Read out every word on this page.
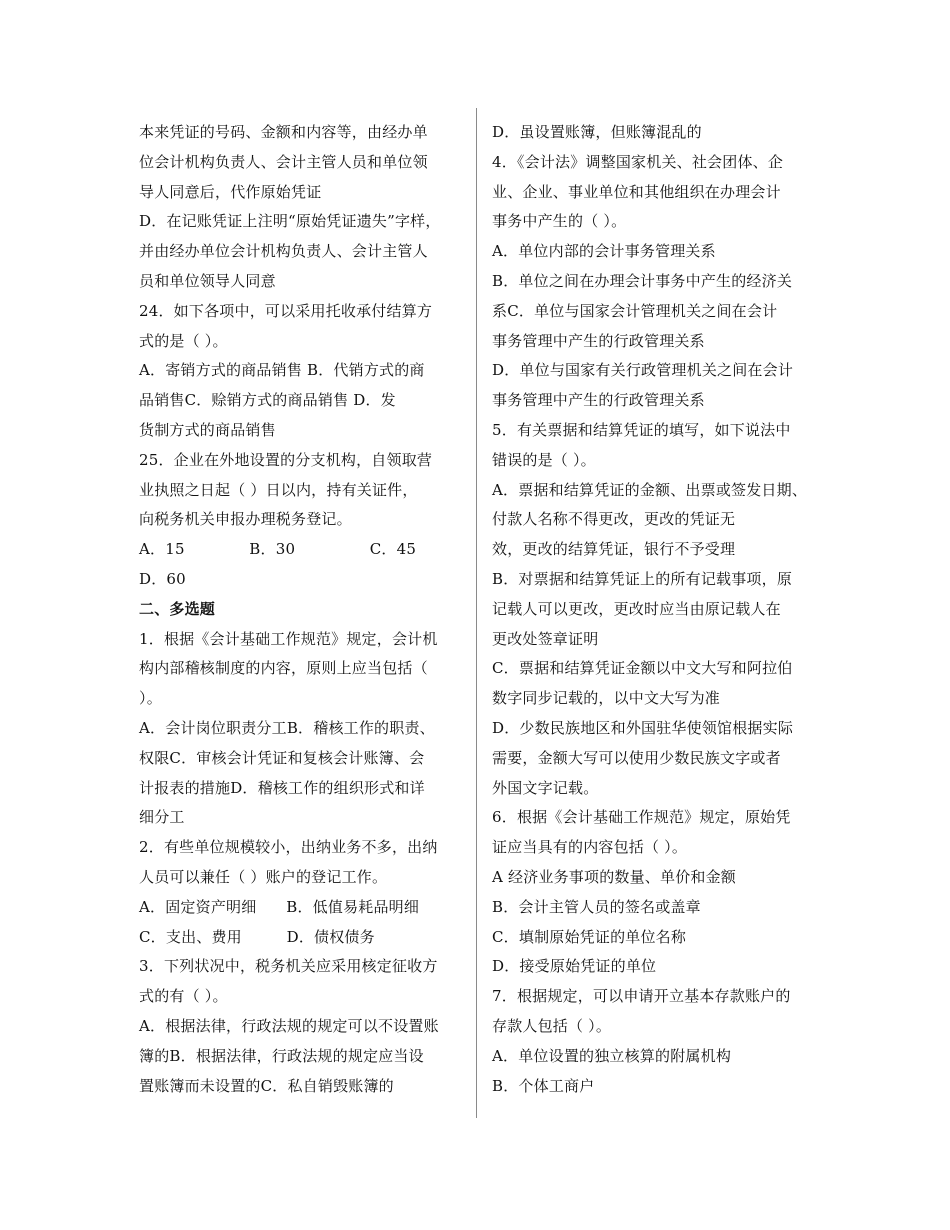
本来凭证的号码、金额和内容等，由经办单
位会计机构负责人、会计主管人员和单位领
导人同意后，代作原始凭证
D．在记账凭证上注明“原始凭证遗失”字样，
并由经办单位会计机构负责人、会计主管人
员和单位领导人同意
24．如下各项中，可以采用托收承付结算方
式的是（ ）。
A．寄销方式的商品销售 B．代销方式的商
品销售C．赊销方式的商品销售 D．发
货制方式的商品销售
25．企业在外地设置的分支机构，自领取营
业执照之日起（ ）日以内，持有关证件，
向税务机关申报办理税务登记。
A．15             B．30               C．45
D．60
二、多选题
1．根据《会计基础工作规范》规定，会计机
构内部稽核制度的内容，原则上应当包括（
）。
A．会计岗位职责分工B．稽核工作的职责、
权限C．审核会计凭证和复核会计账簿、会
计报表的措施D．稽核工作的组织形式和详
细分工
2．有些单位规模较小，出纳业务不多，出纳
人员可以兼任（ ）账户的登记工作。
A．固定资产明细      B．低值易耗品明细
C．支出、费用         D．债权债务
3．下列状况中，税务机关应采用核定征收方
式的有（ ）。
A．根据法律，行政法规的规定可以不设置账
簿的B．根据法律，行政法规的规定应当设
置账簿而未设置的C．私自销毁账簿的
D．虽设置账簿，但账簿混乱的
4．《会计法》调整国家机关、社会团体、企
业、企业、事业单位和其他组织在办理会计
事务中产生的（ ）。
A．单位内部的会计事务管理关系
B．单位之间在办理会计事务中产生的经济关
系C．单位与国家会计管理机关之间在会计
事务管理中产生的行政管理关系
D．单位与国家有关行政管理机关之间在会计
事务管理中产生的行政管理关系
5．有关票据和结算凭证的填写，如下说法中
错误的是（ ）。
A．票据和结算凭证的金额、出票或签发日期、
付款人名称不得更改，更改的凭证无
效，更改的结算凭证，银行不予受理
B．对票据和结算凭证上的所有记载事项，原
记载人可以更改，更改时应当由原记载人在
更改处签章证明
C．票据和结算凭证金额以中文大写和阿拉伯
数字同步记载的，以中文大写为准
D．少数民族地区和外国驻华使领馆根据实际
需要，金额大写可以使用少数民族文字或者
外国文字记载。
6．根据《会计基础工作规范》规定，原始凭
证应当具有的内容包括（ ）。
A 经济业务事项的数量、单价和金额
B．会计主管人员的签名或盖章
C．填制原始凭证的单位名称
D．接受原始凭证的单位
7．根据规定，可以申请开立基本存款账户的
存款人包括（ ）。
A．单位设置的独立核算的附属机构
B．个体工商户
